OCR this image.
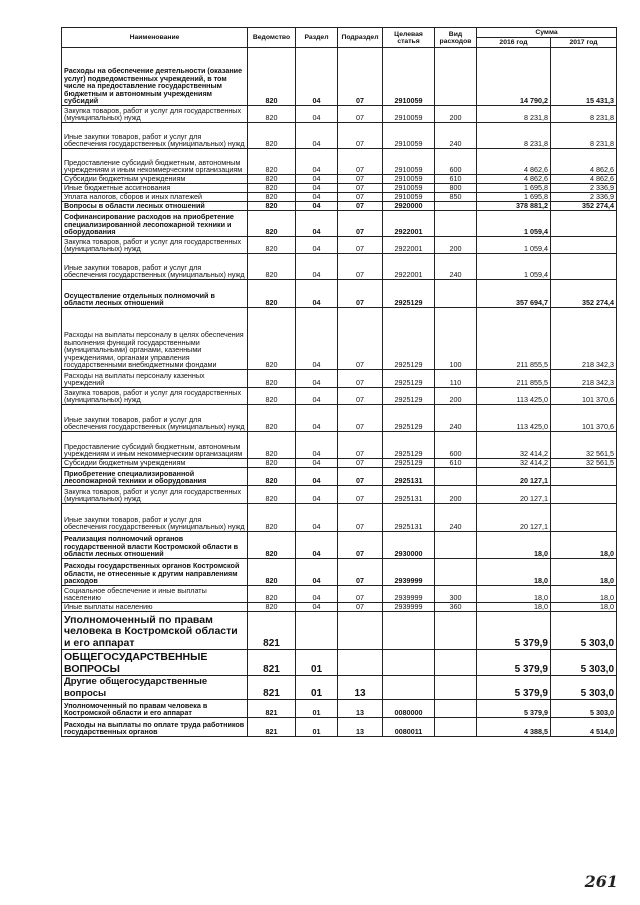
Наименование	Ведомство	Раздел	Подраздел	Целевая статья	Вид расходов	Сумма	
						2016 год	2017 год
Расходы на обеспечение деятельности (оказание услуг) подведомственных учреждений, в том числе на предоставление государственным бюджетным и автономным учреждениям субсидий	820	04	07	2910059		14 790,2	15 431,3
Закупка товаров, работ и услуг для государственных (муниципальных) нужд	820	04	07	2910059	200	8 231,8	8 231,8
Иные закупки товаров, работ и услуг для обеспечения государственных (муниципальных) нужд	820	04	07	2910059	240	8 231,8	8 231,8
Предоставление субсидий бюджетным, автономным учреждениям и иным некоммерческим организациям	820	04	07	2910059	600	4 862,6	4 862,6
Субсидии бюджетным учреждениям	820	04	07	2910059	610	4 862,6	4 862,6
Иные бюджетные ассигнования	820	04	07	2910059	800	1 695,8	2 336,9
Уплата налогов, сборов и иных платежей	820	04	07	2910059	850	1 695,8	2 336,9
Вопросы в области лесных отношений	820	04	07	2920000		378 881,2	352 274,4
Софинансирование расходов на приобретение специализированной лесопожарной техники и оборудования	820	04	07	2922001		1 059,4	
Закупка товаров, работ и услуг для государственных (муниципальных) нужд	820	04	07	2922001	200	1 059,4	
Иные закупки товаров, работ и услуг для обеспечения государственных (муниципальных) нужд	820	04	07	2922001	240	1 059,4	
Осуществление отдельных полномочий в области лесных отношений	820	04	07	2925129		357 694,7	352 274,4
Расходы на выплаты персоналу в целях обеспечения выполнения функций государственными (муниципальными) органами, казенными учреждениями, органами управления государственными внебюджетными фондами	820	04	07	2925129	100	211 855,5	218 342,3
Расходы на выплаты персоналу казенных учреждений	820	04	07	2925129	110	211 855,5	218 342,3
Закупка товаров, работ и услуг для государственных (муниципальных) нужд	820	04	07	2925129	200	113 425,0	101 370,6
Иные закупки товаров, работ и услуг для обеспечения государственных (муниципальных) нужд	820	04	07	2925129	240	113 425,0	101 370,6
Предоставление субсидий бюджетным, автономным учреждениям и иным некоммерческим организациям	820	04	07	2925129	600	32 414,2	32 561,5
Субсидии бюджетным учреждениям	820	04	07	2925129	610	32 414,2	32 561,5
Приобретение специализированной лесопожарной техники и оборудования	820	04	07	2925131		20 127,1	
Закупка товаров, работ и услуг для государственных (муниципальных) нужд	820	04	07	2925131	200	20 127,1	
Иные закупки товаров, работ и услуг для обеспечения государственных (муниципальных) нужд	820	04	07	2925131	240	20 127,1	
Реализация полномочий органов государственной власти Костромской области в области лесных отношений	820	04	07	2930000		18,0	18,0
Расходы государственных органов Костромской области, не отнесенные к другим направлениям расходов	820	04	07	2939999		18,0	18,0
Социальное обеспечение и иные выплаты населению	820	04	07	2939999	300	18,0	18,0
Иные выплаты населению	820	04	07	2939999	360	18,0	18,0
Уполномоченный по правам человека в Костромской области и его аппарат	821					5 379,9	5 303,0
ОБЩЕГОСУДАРСТВЕННЫЕ ВОПРОСЫ	821	01				5 379,9	5 303,0
Другие общегосударственные вопросы	821	01	13			5 379,9	5 303,0
Уполномоченный по правам человека в Костромской области и его аппарат	821	01	13	0080000		5 379,9	5 303,0
Расходы на выплаты по оплате труда работников государственных органов	821	01	13	0080011		4 388,5	4 514,0
261
